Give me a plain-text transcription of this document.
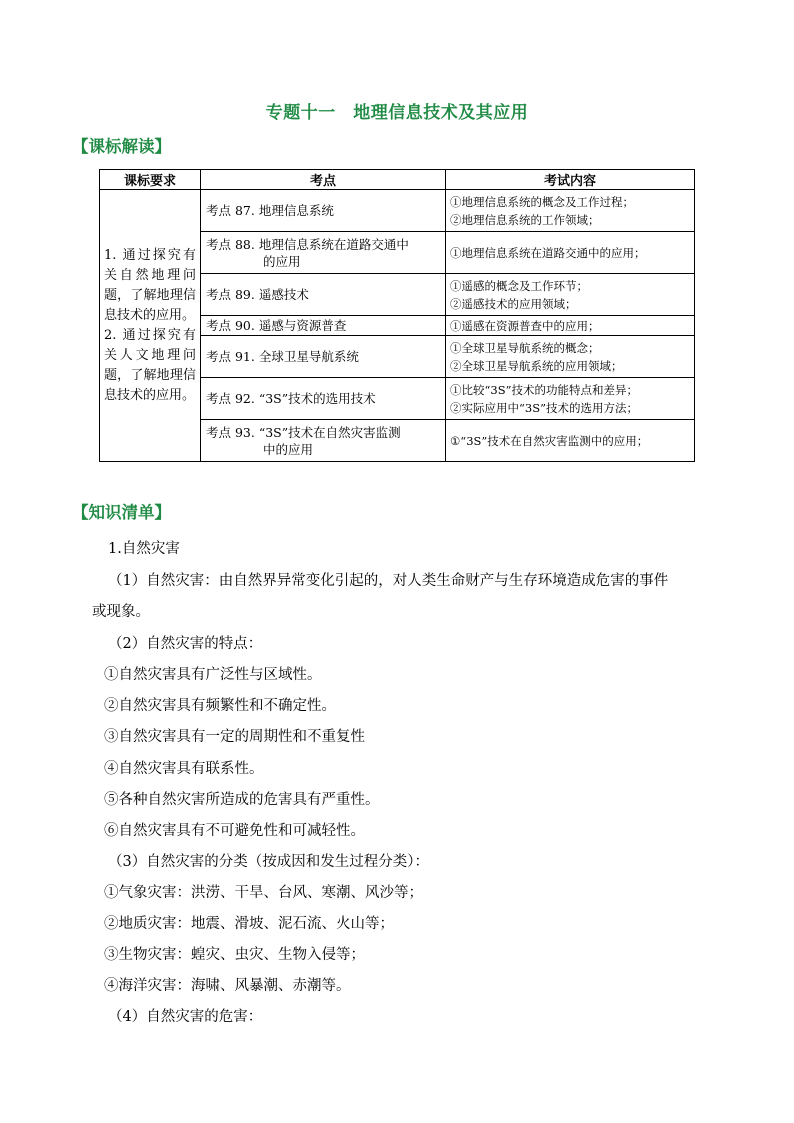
专题十一　地理信息技术及其应用
【课标解读】
课标要求	考点	考试内容

1. 通过探究有关自然地理问题，了解地理信息技术的应用。
2. 通过探究有关人文地理问题，了解地理信息技术的应用。	考点 87. 地理信息系统	①地理信息系统的概念及工作过程；
②地理信息系统的工作领域；

	考点 88. 地理信息系统在道路交通中
的应用	①地理信息系统在道路交通中的应用；

	考点 89. 遥感技术	①遥感的概念及工作环节；
②遥感技术的应用领域；

	考点 90. 遥感与资源普查	①遥感在资源普查中的应用；

	考点 91. 全球卫星导航系统	①全球卫星导航系统的概念；
②全球卫星导航系统的应用领域；

	考点 92. “3S”技术的选用技术	①比较“3S”技术的功能特点和差异；
②实际应用中“3S”技术的选用方法；

	考点 93. “3S”技术在自然灾害监测
中的应用	①“3S”技术在自然灾害监测中的应用；
【知识清单】
1.自然灾害
（1）自然灾害：由自然界异常变化引起的，对人类生命财产与生存环境造成危害的事件
或现象。
（2）自然灾害的特点：
①自然灾害具有广泛性与区域性。
②自然灾害具有频繁性和不确定性。
③自然灾害具有一定的周期性和不重复性
④自然灾害具有联系性。
⑤各种自然灾害所造成的危害具有严重性。
⑥自然灾害具有不可避免性和可减轻性。
（3）自然灾害的分类（按成因和发生过程分类）：
①气象灾害：洪涝、干旱、台风、寒潮、风沙等；
②地质灾害：地震、滑坡、泥石流、火山等；
③生物灾害：蝗灾、虫灾、生物入侵等；
④海洋灾害：海啸、风暴潮、赤潮等。
（4）自然灾害的危害：
